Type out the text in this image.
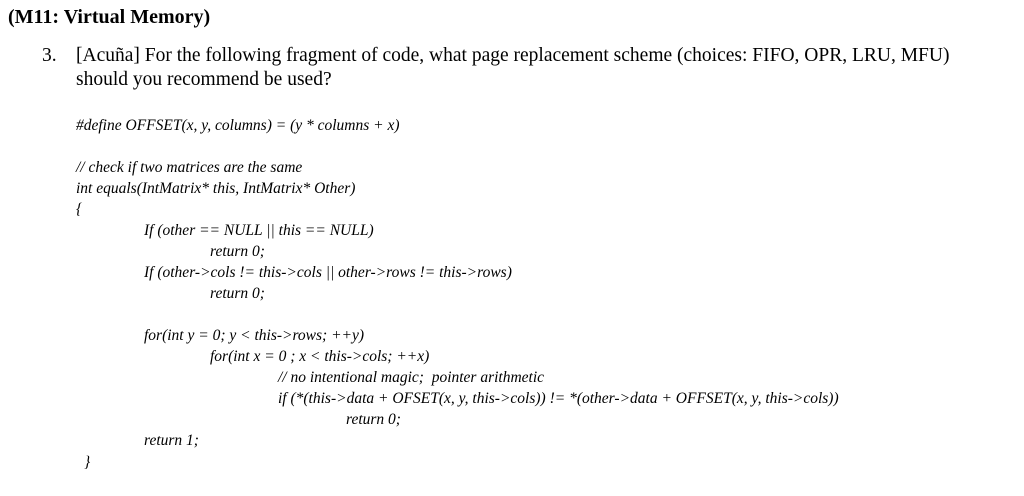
(M11: Virtual Memory)
3. [Acuña] For the following fragment of code, what page replacement scheme (choices: FIFO, OPR, LRU, MFU)
should you recommend be used?
#define OFFSET(x, y, columns) = (y * columns + x)
// check if two matrices are the same
int equals(IntMatrix* this, IntMatrix* Other)
{
If (other == NULL || this == NULL)
return 0;
If (other->cols != this->cols || other->rows != this->rows)
return 0;
for(int y = 0; y < this->rows; ++y)
for(int x = 0 ; x < this->cols; ++x)
// no intentional magic;  pointer arithmetic
if (*(this->data + OFSET(x, y, this->cols)) != *(other->data + OFFSET(x, y, this->cols))
return 0;
return 1;
}
